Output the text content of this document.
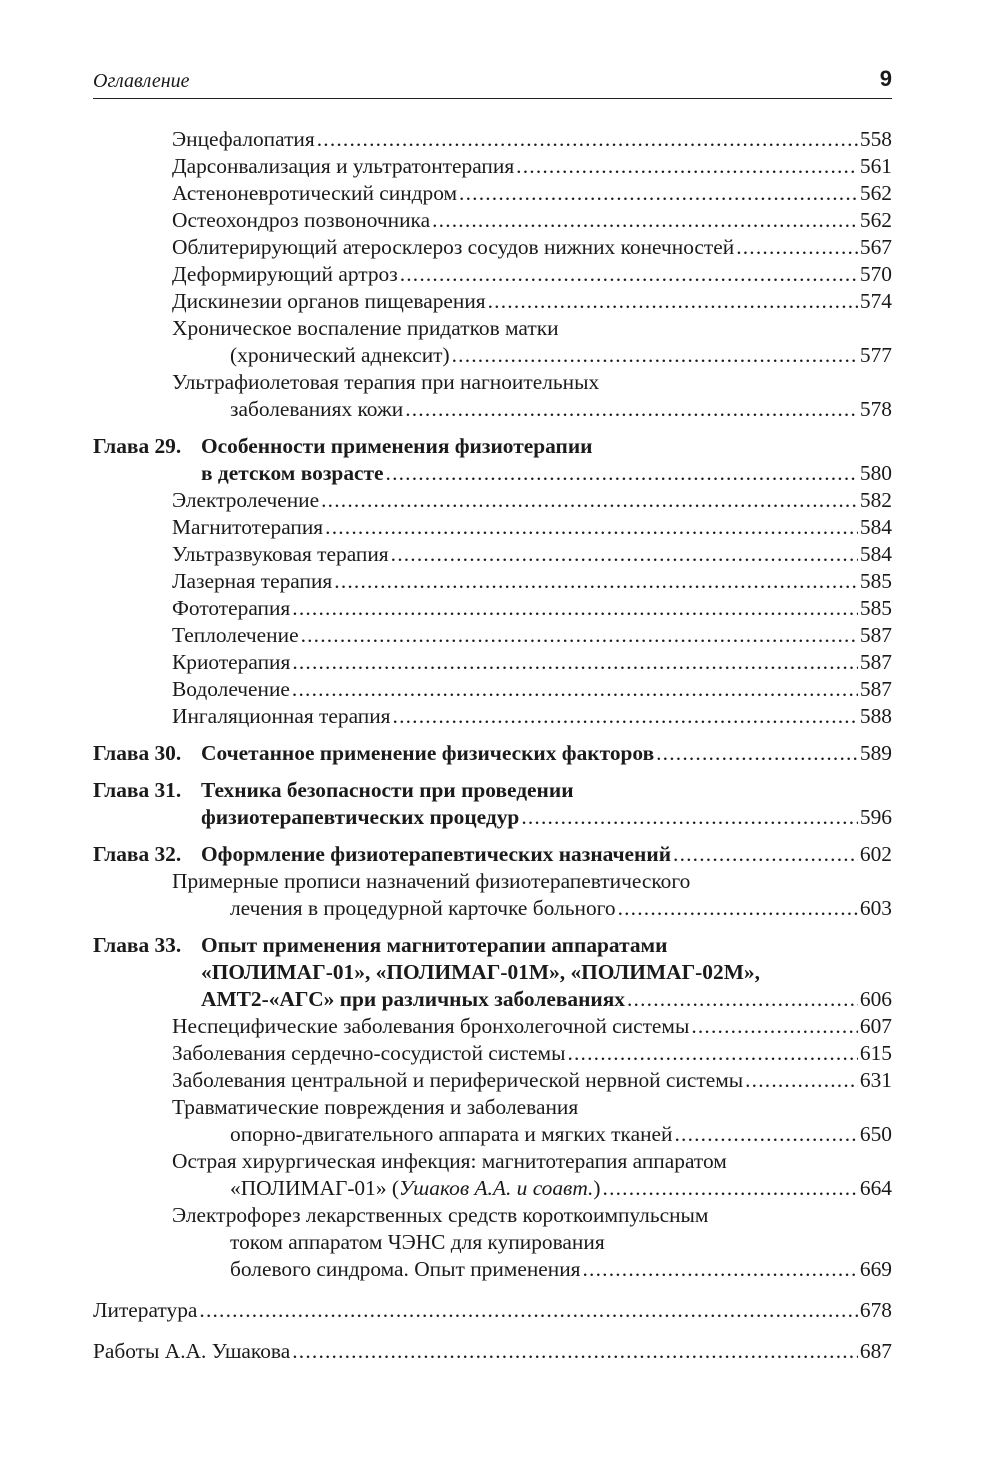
Оглавление	9
Энцефалопатия .....	558
Дарсонвализация и ультратонтерапия .....	561
Астеноневротический синдром .....	562
Остеохондроз позвоночника .....	562
Облитерирующий атеросклероз сосудов нижних конечностей .....	567
Деформирующий артроз .....	570
Дискинезии органов пищеварения .....	574
Хроническое воспаление придатков матки
(хронический аднексит) .....	577
Ультрафиолетовая терапия при нагноительных
заболеваниях кожи .....	578
Глава 29. Особенности применения физиотерапии
в детском возрасте .....	580
Электролечение .....	582
Магнитотерапия .....	584
Ультразвуковая терапия .....	584
Лазерная терапия .....	585
Фототерапия .....	585
Теплолечение .....	587
Криотерапия .....	587
Водолечение .....	587
Ингаляционная терапия .....	588
Глава 30. Сочетанное применение физических факторов .....	589
Глава 31. Техника безопасности при проведении
физиотерапевтических процедур .....	596
Глава 32. Оформление физиотерапевтических назначений .....	602
Примерные прописи назначений физиотерапевтического
лечения в процедурной карточке больного .....	603
Глава 33. Опыт применения магнитотерапии аппаратами
«ПОЛИМАГ-01», «ПОЛИМАГ-01М», «ПОЛИМАГ-02М»,
АМТ2-«АГС» при различных заболеваниях .....	606
Неспецифические заболевания бронхолегочной системы .....	607
Заболевания сердечно-сосудистой системы .....	615
Заболевания центральной и периферической нервной системы .....	631
Травматические повреждения и заболевания
опорно-двигательного аппарата и мягких тканей .....	650
Острая хирургическая инфекция: магнитотерапия аппаратом
«ПОЛИМАГ-01» (Ушаков А.А. и соавт.) .....	664
Электрофорез лекарственных средств короткоимпульсным
током аппаратом ЧЭНС для купирования
болевого синдрома. Опыт применения .....	669
Литература .....	678
Работы А.А. Ушакова .....	687
